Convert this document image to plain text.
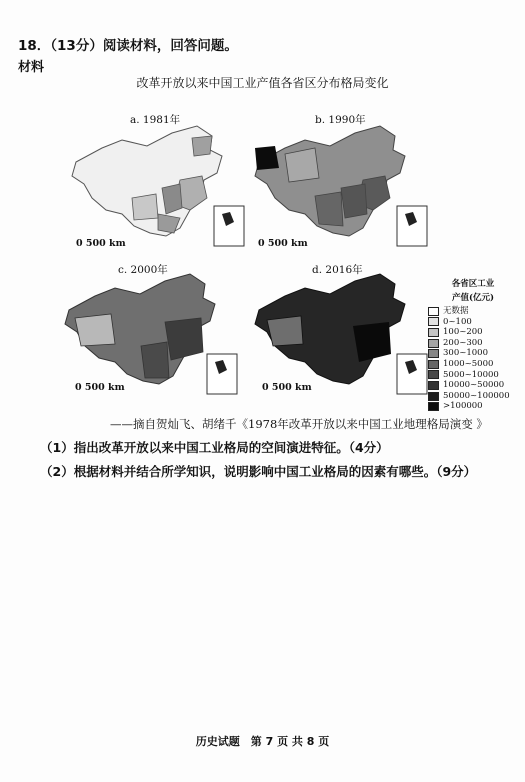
18．（13分）阅读材料，回答问题。
材料
改革开放以来中国工业产值各省区分布格局变化
a. 1981年
0 500 km
b. 1990年
0 500 km
c. 2000年
0 500 km
d. 2016年
0 500 km
各省区工业
产值(亿元)
无数据
0~100
100~200
200~300
300~1000
1000~5000
5000~10000
10000~50000
50000~100000
>100000
——摘自贺灿飞、胡绪千《1978年改革开放以来中国工业地理格局演变 》
（1）指出改革开放以来中国工业格局的空间演进特征。（4分）
（2）根据材料并结合所学知识，说明影响中国工业格局的因素有哪些。（9分）
历史试题　第 7 页 共 8 页
